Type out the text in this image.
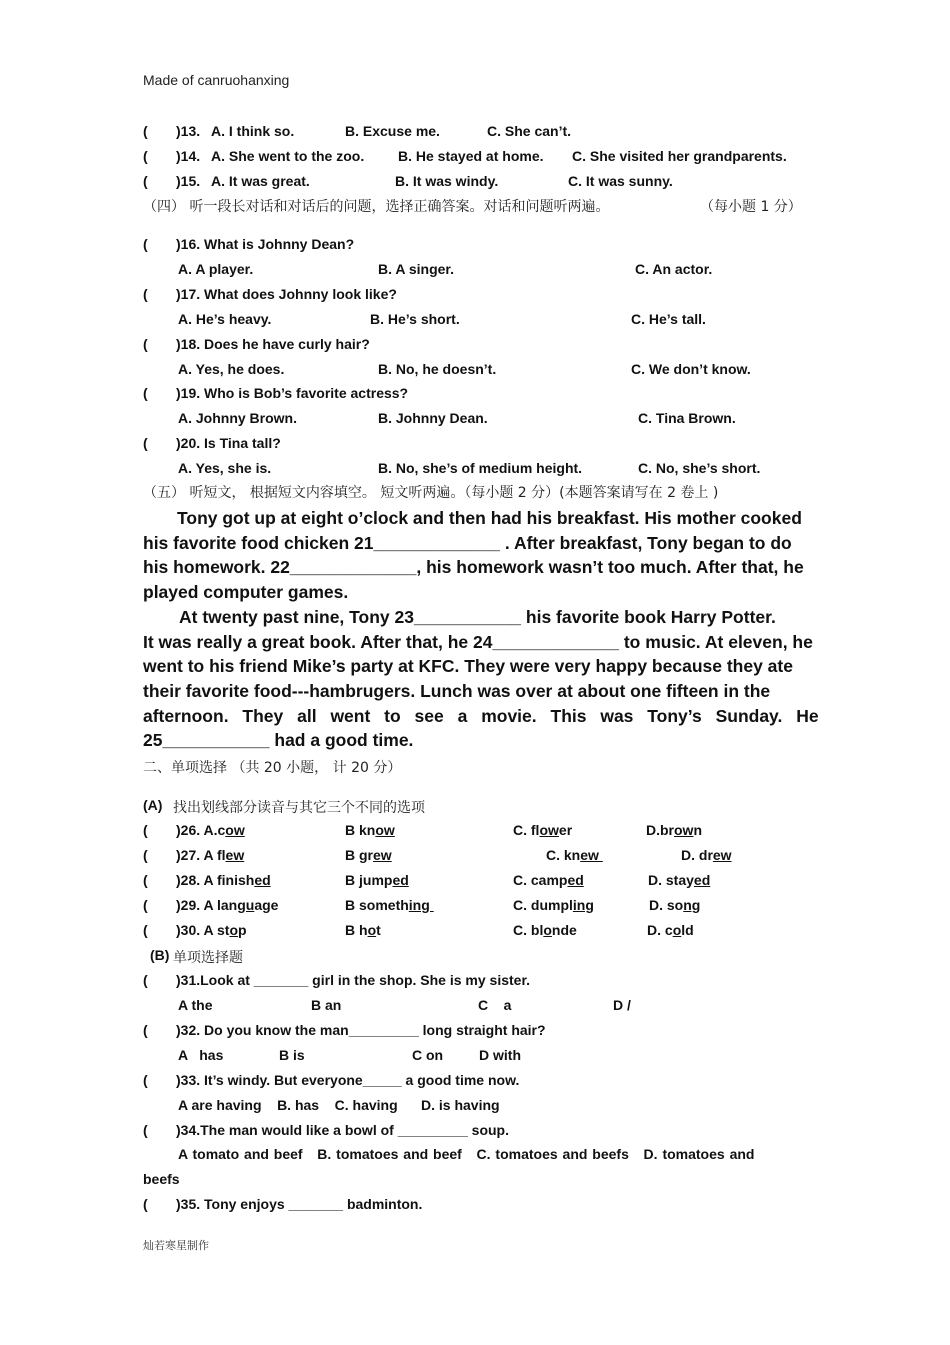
Made of canruohanxing
( )13. A. I think so.	B. Excuse me.	C. She can’t.
( )14. A. She went to the zoo. B. He stayed at home. C. She visited her grandparents.
( )15. A. It was great.	B. It was windy.	C. It was sunny.
（四） 听一段长对话和对话后的问题，选择正确答案。对话和问题听两遍。	（每小题 1 分）
( )16. What is Johnny Dean?
A. A player.	B. A singer.	C. An actor.
( )17. What does Johnny look like?
A. He’s heavy.	B. He’s short.	C. He’s tall.
( )18. Does he have curly hair?
A. Yes, he does.	B. No, he doesn’t.	C. We don’t know.
( )19. Who is Bob’s favorite actress?
A. Johnny Brown.	B. Johnny Dean.	C. Tina Brown.
( )20. Is Tina tall?
A. Yes, she is.	B. No, she’s of medium height.	C. No, she’s short.
（五） 听短文， 根据短文内容填空。 短文听两遍。（每小题 2 分）(本题答案请写在 2 卷上 )

Tony got up at eight o’clock and then had his breakfast. His mother cooked

his favorite food chicken 21_____________ . After breakfast, Tony began to do

his homework. 22_____________, his homework wasn’t too much. After that, he

played computer games.

At twenty past nine, Tony 23___________ his favorite book Harry Potter.

It was really a great book. After that, he 24_____________ to music. At eleven, he

went to his friend Mike’s party at KFC. They were very happy because they ate

their favorite food---hambrugers. Lunch was over at about one fifteen in the

afternoon. They all went to see a movie. This was Tony’s Sunday. He

25___________ had a good time.

二、单项选择 （共 20 小题， 计 20 分）
(A) 找出划线部分读音与其它三个不同的选项
( )26. A.cow	B know	C. flower	D.brown
( )27. A flew	B grew	C. knew	D. drew
( )28. A finished	B jumped	C. camped	D. stayed
( )29. A language	B something	C. dumpling	D. song
( )30. A stop	B hot	C. blonde	D. cold
(B) 单项选择题
( )31.Look at _______ girl in the shop. She is my sister.
A the	B an	C    a	D /
( )32. Do you know the man_________ long straight hair?
A   has	B is	C on	D with
( )33. It’s windy. But everyone_____ a good time now.
A are having    B. has    C. having      D. is having
( )34.The man would like a bowl of _________ soup.
A tomato and beef   B. tomatoes and beef   C. tomatoes and beefs   D. tomatoes and
beefs
( )35. Tony enjoys _______ badminton.
灿若寒星制作
